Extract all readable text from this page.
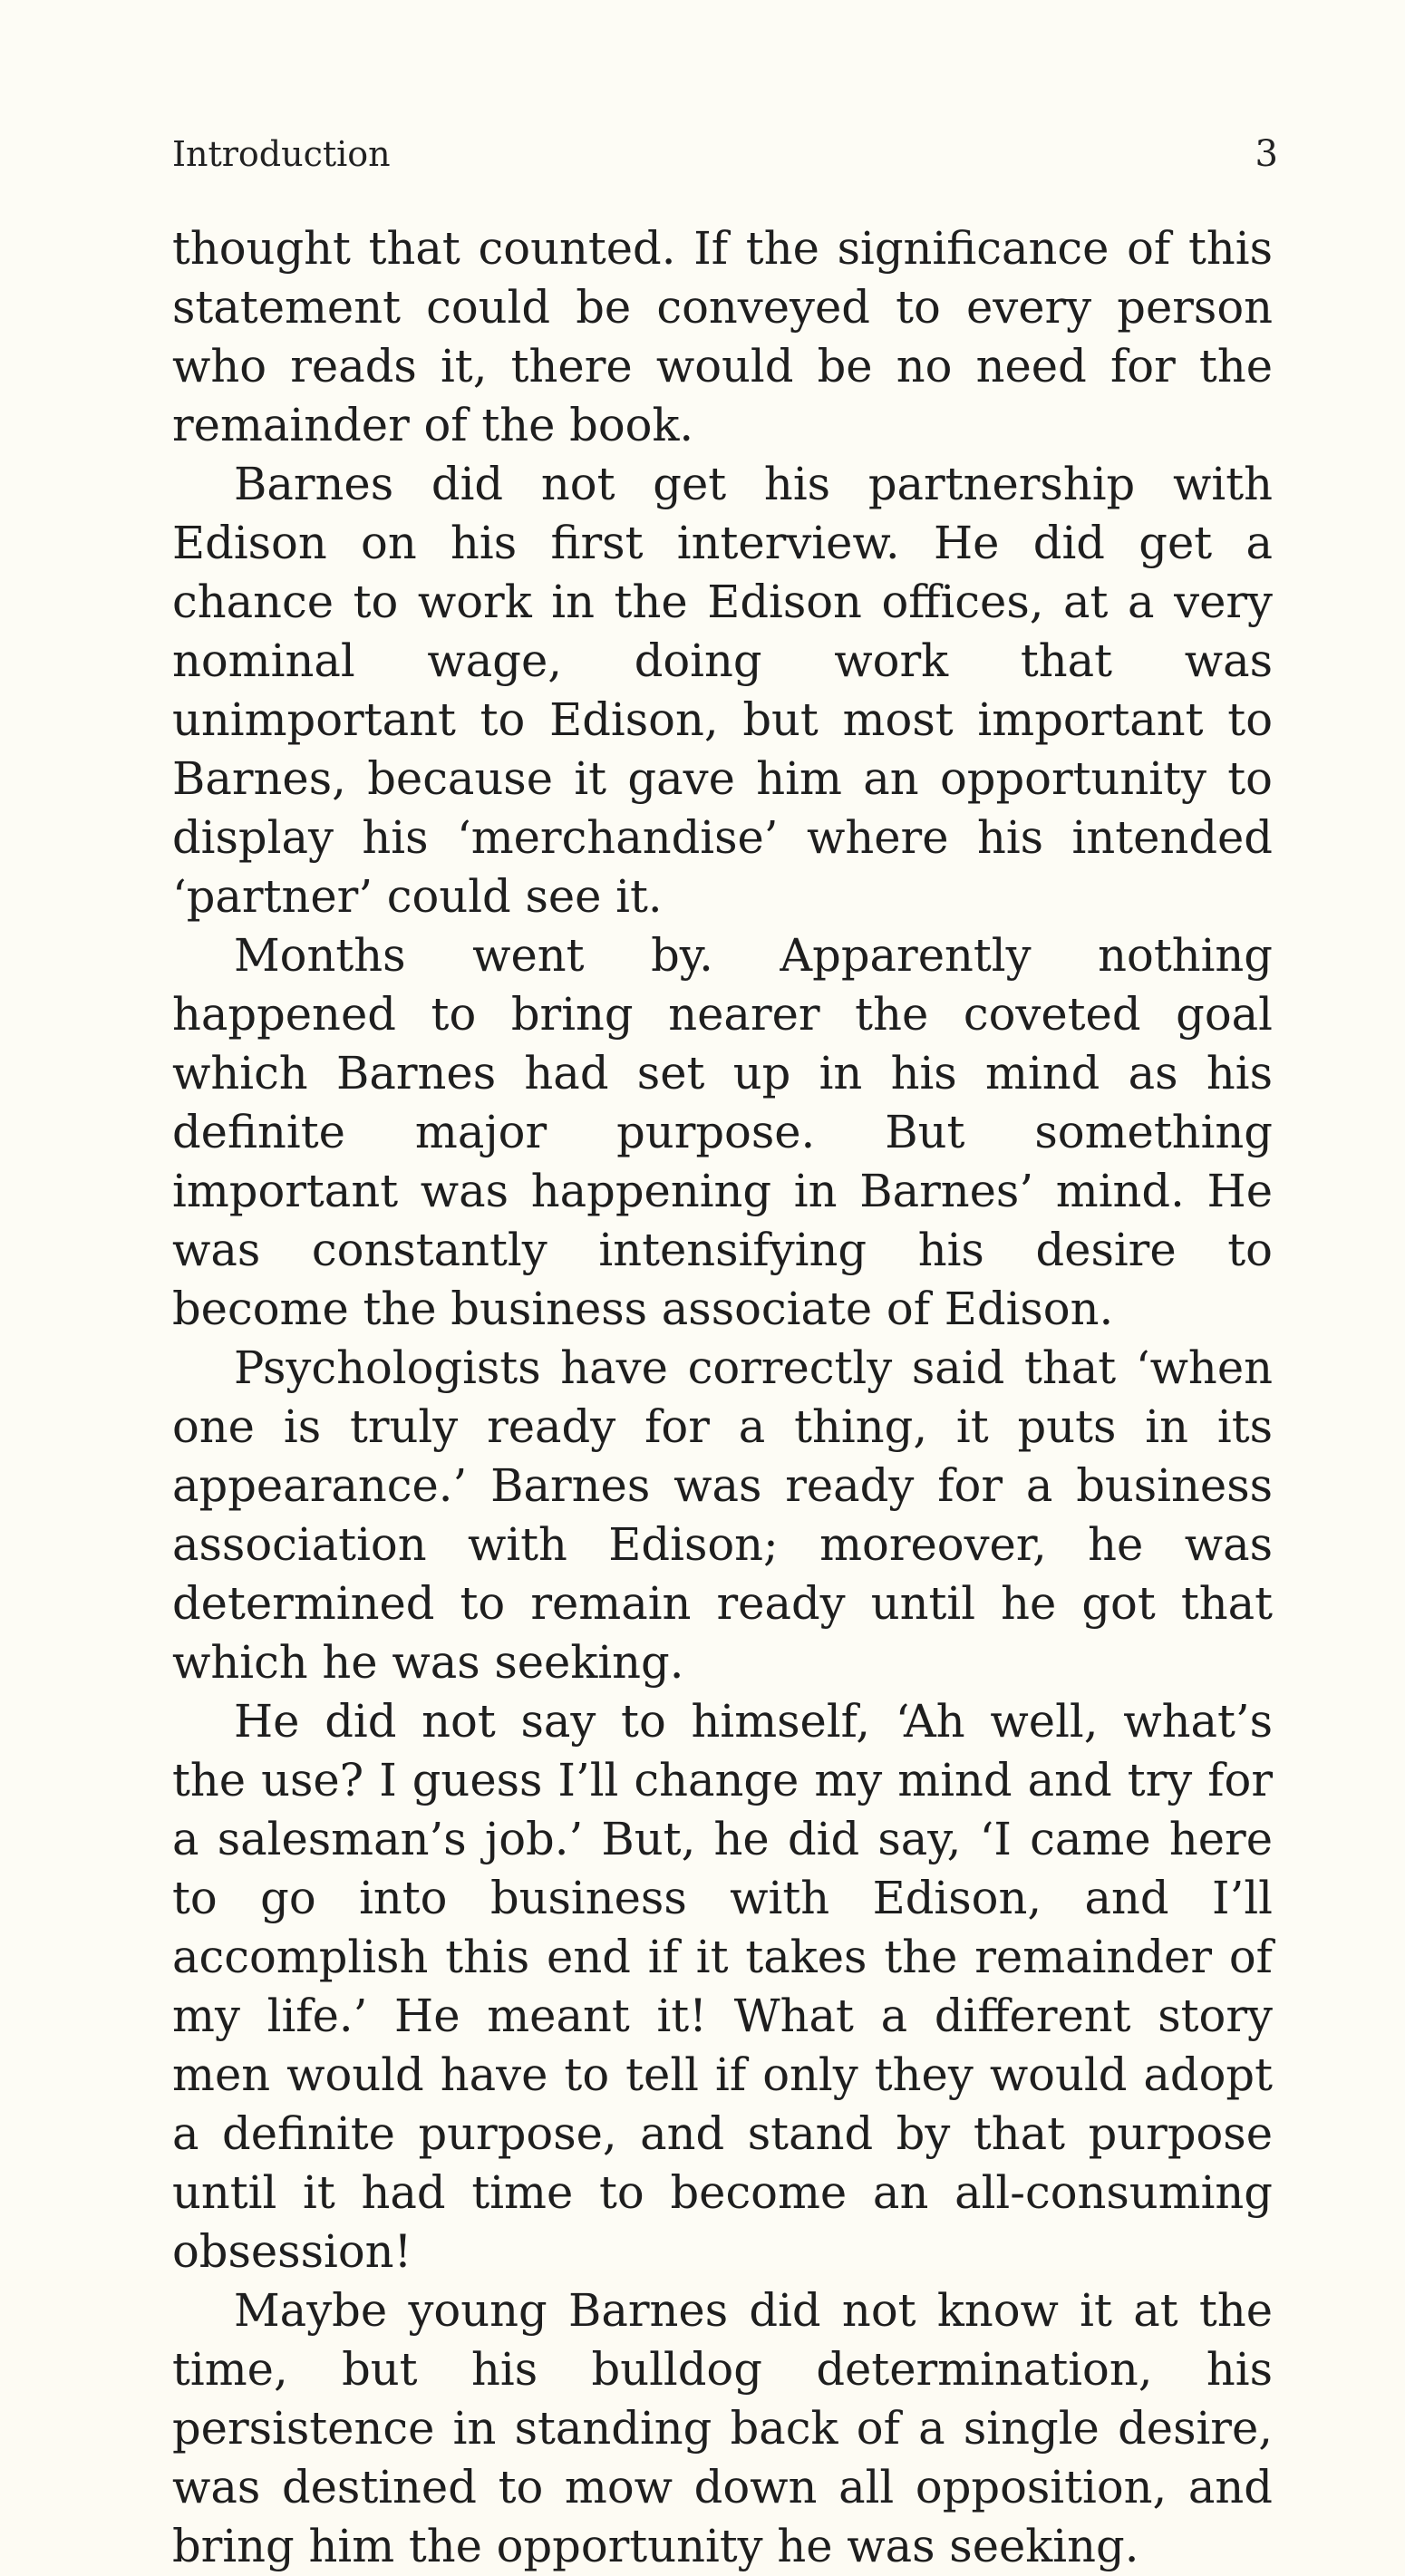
Introduction	3

thought that counted. If the significance of this statement could be conveyed to every person who reads it, there would be no need for the remainder of the book.

Barnes did not get his partnership with Edison on his first interview. He did get a chance to work in the Edison offices, at a very nominal wage, doing work that was unimportant to Edison, but most important to Barnes, because it gave him an opportunity to display his ‘merchandise’ where his intended ‘partner’ could see it.

Months went by. Apparently nothing happened to bring nearer the coveted goal which Barnes had set up in his mind as his definite major purpose. But something important was happening in Barnes’ mind. He was constantly intensifying his desire to become the business associate of Edison.

Psychologists have correctly said that ‘when one is truly ready for a thing, it puts in its appearance.’ Barnes was ready for a business association with Edison; moreover, he was determined to remain ready until he got that which he was seeking.

He did not say to himself, ‘Ah well, what’s the use? I guess I’ll change my mind and try for a salesman’s job.’ But, he did say, ‘I came here to go into business with Edison, and I’ll accomplish this end if it takes the remainder of my life.’ He meant it! What a different story men would have to tell if only they would adopt a definite purpose, and stand by that purpose until it had time to become an all-consuming obsession!

Maybe young Barnes did not know it at the time, but his bulldog determination, his persistence in standing back of a single desire, was destined to mow down all opposition, and bring him the opportunity he was seeking.
